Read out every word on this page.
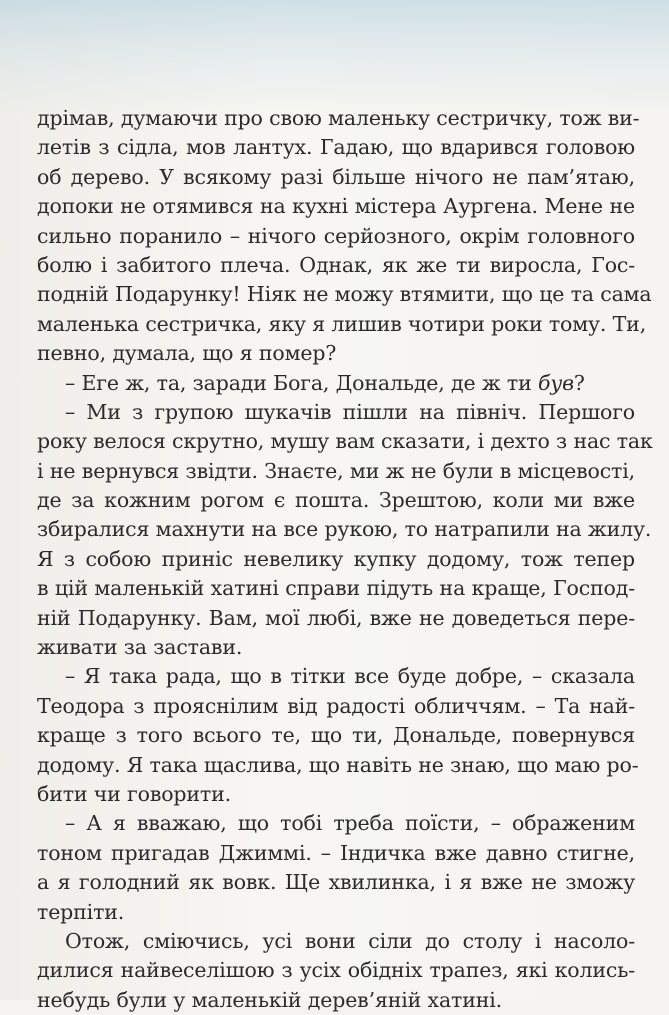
дрімав, думаючи про свою маленьку сестричку, тож ви-
летів з сідла, мов лантух. Гадаю, що вдарився головою
об дерево. У всякому разі більше нічого не пам’ятаю,
допоки не отямився на кухні містера Аургена. Мене не
сильно поранило – нічого серйозного, окрім головного
болю і забитого плеча. Однак, як же ти виросла, Гос-
подній Подарунку! Ніяк не можу втямити, що це та сама
маленька сестричка, яку я лишив чотири роки тому. Ти,
певно, думала, що я помер?
– Еге ж, та, заради Бога, Дональде, де ж ти був?
– Ми з групою шукачів пішли на північ. Першого
року велося скрутно, мушу вам сказати, і дехто з нас так
і не вернувся звідти. Знаєте, ми ж не були в місцевості,
де за кожним рогом є пошта. Зрештою, коли ми вже
збиралися махнути на все рукою, то натрапили на жилу.
Я з собою приніс невелику купку додому, тож тепер
в цій маленькій хатині справи підуть на краще, Господ-
ній Подарунку. Вам, мої любі, вже не доведеться пере-
живати за застави.
– Я така рада, що в тітки все буде добре, – сказала
Теодора з прояснілим від радості обличчям. – Та най-
краще з того всього те, що ти, Дональде, повернувся
додому. Я така щаслива, що навіть не знаю, що маю ро-
бити чи говорити.
– А я вважаю, що тобі треба поїсти, – ображеним
тоном пригадав Джиммі. – Індичка вже давно стигне,
а я голодний як вовк. Ще хвилинка, і я вже не зможу
терпіти.
Отож, сміючись, усі вони сіли до столу і насоло-
дилися найвеселішою з усіх обідніх трапез, які колись-
небудь були у маленькій дерев’яній хатині.
